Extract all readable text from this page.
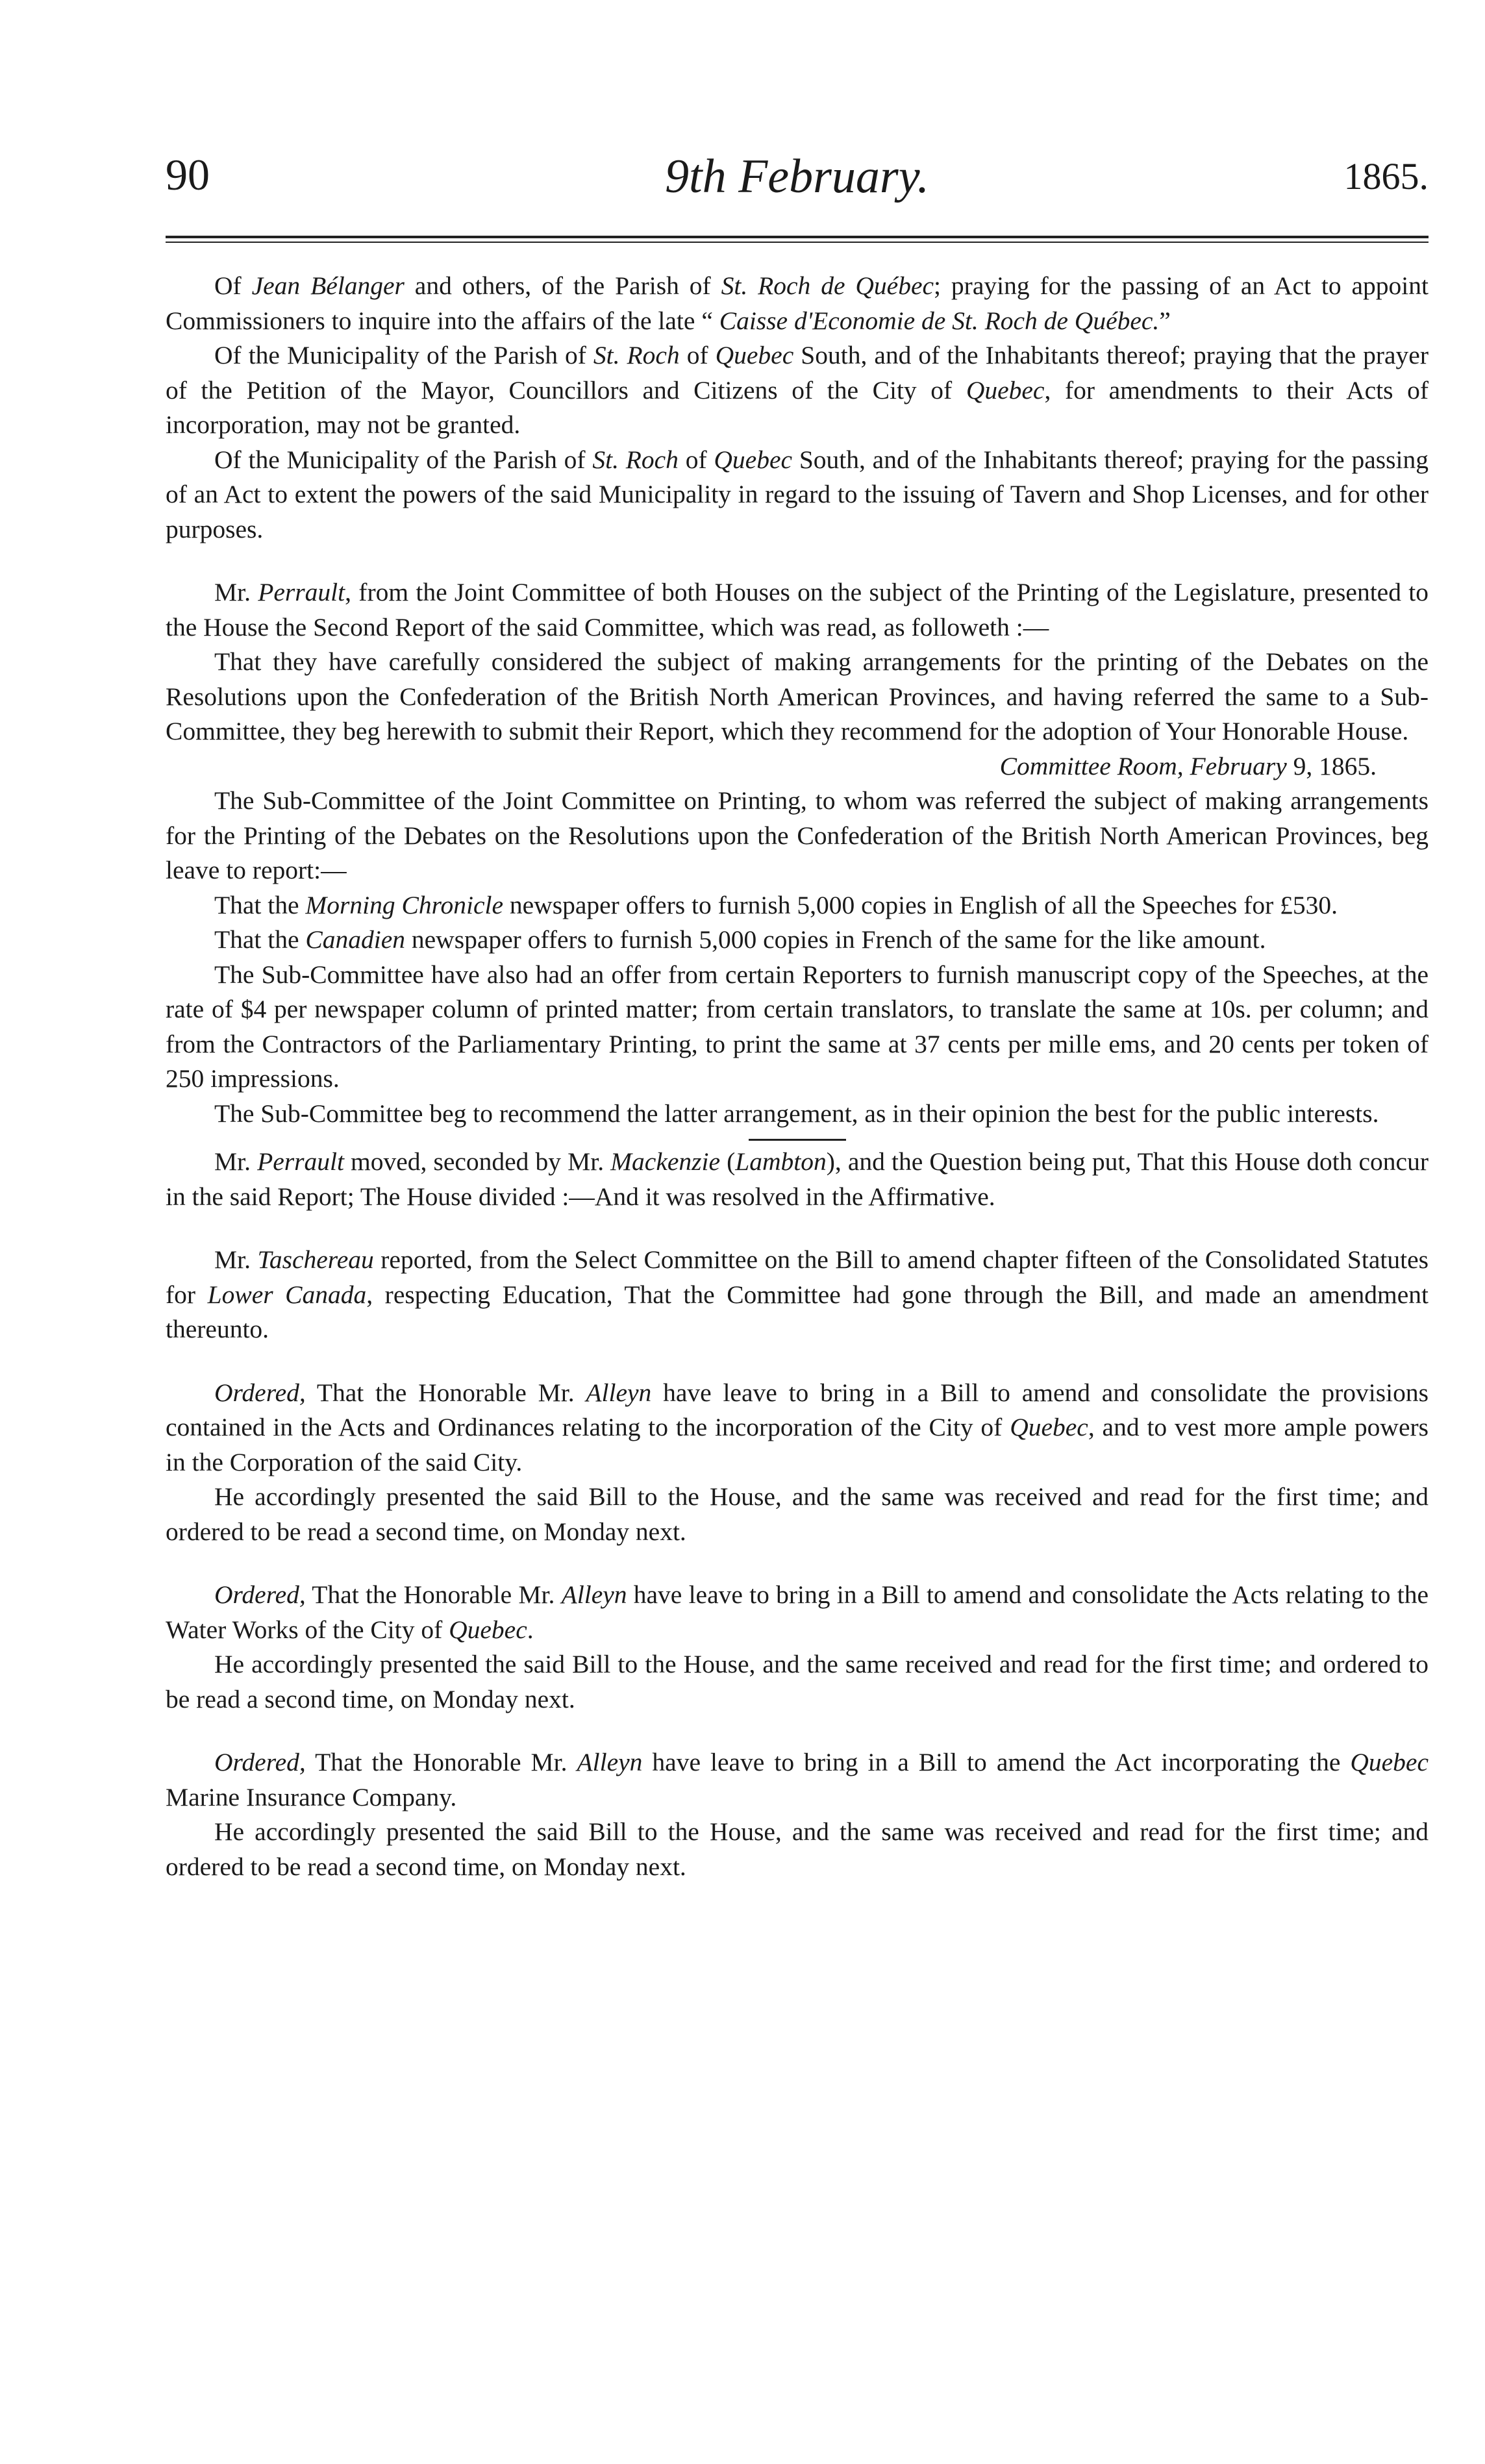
90	9th February.	1865.

Of Jean Bélanger and others, of the Parish of St. Roch de Québec; praying for the passing of an Act to appoint Commissioners to inquire into the affairs of the late “ Caisse d'Economie de St. Roch de Québec.”

Of the Municipality of the Parish of St. Roch of Quebec South, and of the Inhabitants thereof; praying that the prayer of the Petition of the Mayor, Councillors and Citizens of the City of Quebec, for amendments to their Acts of incorporation, may not be granted.

Of the Municipality of the Parish of St. Roch of Quebec South, and of the Inhabitants thereof; praying for the passing of an Act to extent the powers of the said Municipality in regard to the issuing of Tavern and Shop Licenses, and for other purposes.

Mr. Perrault, from the Joint Committee of both Houses on the subject of the Printing of the Legislature, presented to the House the Second Report of the said Committee, which was read, as followeth :—

That they have carefully considered the subject of making arrangements for the printing of the Debates on the Resolutions upon the Confederation of the British North American Provinces, and having referred the same to a Sub-Committee, they beg herewith to submit their Report, which they recommend for the adoption of Your Honorable House.

Committee Room, February 9, 1865.

The Sub-Committee of the Joint Committee on Printing, to whom was referred the subject of making arrangements for the Printing of the Debates on the Resolutions upon the Confederation of the British North American Provinces, beg leave to report:—

That the Morning Chronicle newspaper offers to furnish 5,000 copies in English of all the Speeches for £530.

That the Canadien newspaper offers to furnish 5,000 copies in French of the same for the like amount.

The Sub-Committee have also had an offer from certain Reporters to furnish manuscript copy of the Speeches, at the rate of $4 per newspaper column of printed matter; from certain translators, to translate the same at 10s. per column; and from the Contractors of the Parliamentary Printing, to print the same at 37 cents per mille ems, and 20 cents per token of 250 impressions.

The Sub-Committee beg to recommend the latter arrangement, as in their opinion the best for the public interests.

Mr. Perrault moved, seconded by Mr. Mackenzie (Lambton), and the Question being put, That this House doth concur in the said Report; The House divided :—And it was resolved in the Affirmative.

Mr. Taschereau reported, from the Select Committee on the Bill to amend chapter fifteen of the Consolidated Statutes for Lower Canada, respecting Education, That the Committee had gone through the Bill, and made an amendment thereunto.

Ordered, That the Honorable Mr. Alleyn have leave to bring in a Bill to amend and consolidate the provisions contained in the Acts and Ordinances relating to the incorporation of the City of Quebec, and to vest more ample powers in the Corporation of the said City.

He accordingly presented the said Bill to the House, and the same was received and read for the first time; and ordered to be read a second time, on Monday next.

Ordered, That the Honorable Mr. Alleyn have leave to bring in a Bill to amend and consolidate the Acts relating to the Water Works of the City of Quebec.

He accordingly presented the said Bill to the House, and the same received and read for the first time; and ordered to be read a second time, on Monday next.

Ordered, That the Honorable Mr. Alleyn have leave to bring in a Bill to amend the Act incorporating the Quebec Marine Insurance Company.

He accordingly presented the said Bill to the House, and the same was received and read for the first time; and ordered to be read a second time, on Monday next.
